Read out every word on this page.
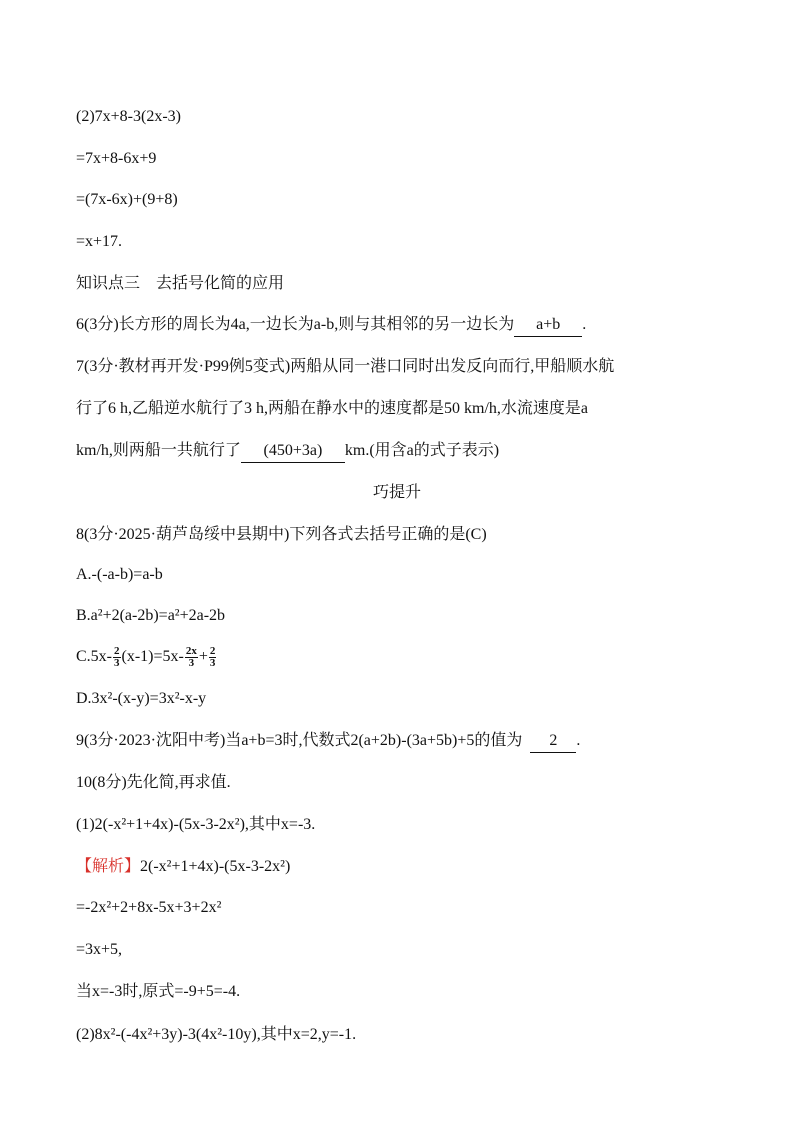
(2)7x+8-3(2x-3)
=7x+8-6x+9
=(7x-6x)+(9+8)
=x+17.
知识点三　去括号化简的应用
6(3分)长方形的周长为4a,一边长为a-b,则与其相邻的另一边长为 a+b .
7(3分·教材再开发·P99例5变式)两船从同一港口同时出发反向而行,甲船顺水航
行了6 h,乙船逆水航行了3 h,两船在静水中的速度都是50 km/h,水流速度是a
km/h,则两船一共航行了 (450+3a) km.(用含a的式子表示)
巧提升
8(3分·2025·葫芦岛绥中县期中)下列各式去括号正确的是(C)
A.-(-a-b)=a-b
B.a²+2(a-2b)=a²+2a-2b
$C.5x- \frac{2}{3} (x-1)=5x- \frac{2x}{3} + \frac{2}{3}$
D.3x²-(x-y)=3x²-x-y
9(3分·2023·沈阳中考)当a+b=3时,代数式2(a+2b)-(3a+5b)+5的值为 2 .
10(8分)先化简,再求值.
(1)2(-x²+1+4x)-(5x-3-2x²),其中x=-3.
【解析】2(-x²+1+4x)-(5x-3-2x²)
=-2x²+2+8x-5x+3+2x²
=3x+5,
当x=-3时,原式=-9+5=-4.
(2)8x²-(-4x²+3y)-3(4x²-10y),其中x=2,y=-1.
